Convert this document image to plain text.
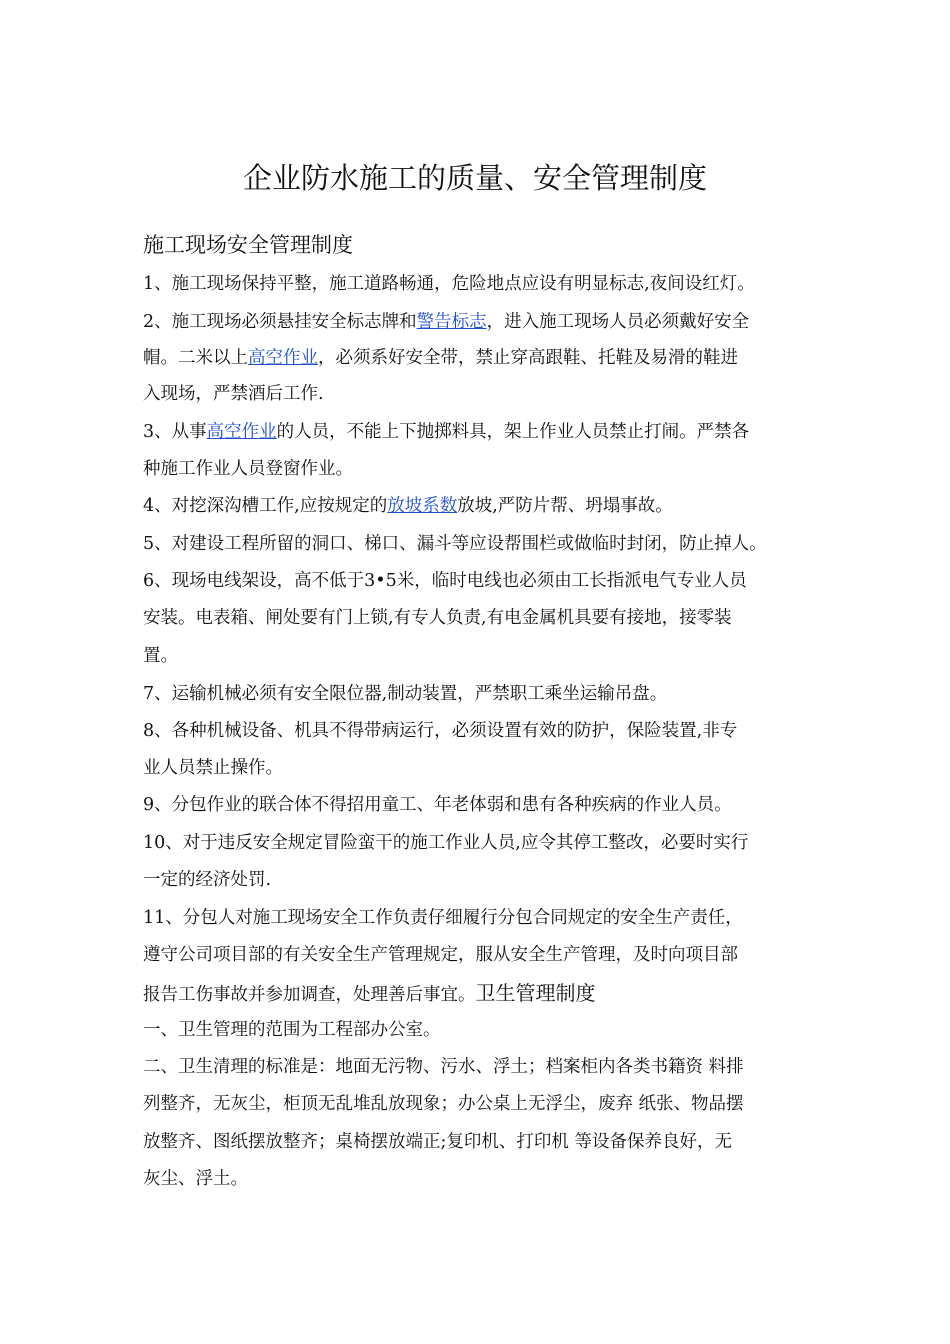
企业防水施工的质量、安全管理制度
施工现场安全管理制度
1、施工现场保持平整，施工道路畅通，危险地点应设有明显标志,夜间设红灯。
2、施工现场必须悬挂安全标志牌和警告标志，进入施工现场人员必须戴好安全
帽。二米以上高空作业，必须系好安全带，禁止穿高跟鞋、托鞋及易滑的鞋进
入现场，严禁酒后工作.
3、从事高空作业的人员，不能上下抛掷料具，架上作业人员禁止打闹。严禁各
种施工作业人员登窗作业。
4、对挖深沟槽工作,应按规定的放坡系数放坡,严防片帮、坍塌事故。
5、对建设工程所留的洞口、梯口、漏斗等应设帮围栏或做临时封闭，防止掉人。
6、现场电线架设，高不低于3•5米，临时电线也必须由工长指派电气专业人员
安装。电表箱、闸处要有门上锁,有专人负责,有电金属机具要有接地，接零装
置。
7、运输机械必须有安全限位器,制动装置，严禁职工乘坐运输吊盘。
8、各种机械设备、机具不得带病运行，必须设置有效的防护，保险装置,非专
业人员禁止操作。
9、分包作业的联合体不得招用童工、年老体弱和患有各种疾病的作业人员。
10、对于违反安全规定冒险蛮干的施工作业人员,应令其停工整改，必要时实行
一定的经济处罚.
11、分包人对施工现场安全工作负责仔细履行分包合同规定的安全生产责任，
遵守公司项目部的有关安全生产管理规定，服从安全生产管理，及时向项目部
报告工伤事故并参加调查，处理善后事宜。卫生管理制度
一、卫生管理的范围为工程部办公室。
二、卫生清理的标准是：地面无污物、污水、浮土；档案柜内各类书籍资 料排
列整齐，无灰尘，柜顶无乱堆乱放现象；办公桌上无浮尘，废弃 纸张、物品摆
放整齐、图纸摆放整齐；桌椅摆放端正;复印机、打印机 等设备保养良好，无
灰尘、浮土。
